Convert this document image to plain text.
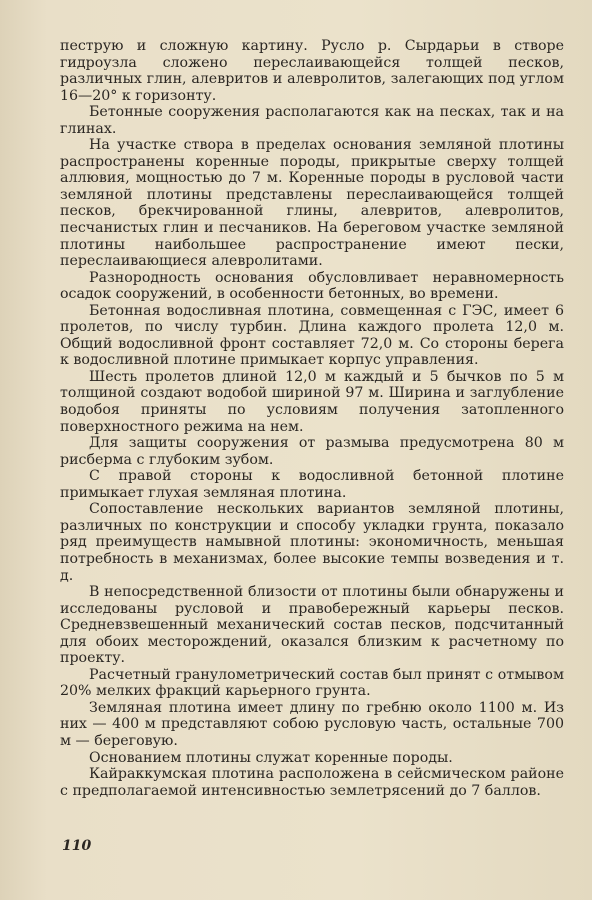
пеструю и сложную картину. Русло р. Сырдарьи в створе гидроузла сложено переслаивающейся толщей песков, различных глин, алевритов и алевролитов, залегающих под углом 16—20° к горизонту.

Бетонные сооружения располагаются как на песках, так и на глинах.

На участке створа в пределах основания земляной плотины распространены коренные породы, прикрытые сверху толщей аллювия, мощностью до 7 м. Коренные породы в русловой части земляной плотины представлены переслаивающейся толщей песков, брекчированной глины, алевритов, алевролитов, песчанистых глин и песчаников. На береговом участке земляной плотины наибольшее распространение имеют пески, переслаивающиеся алевролитами.

Разнородность основания обусловливает неравномерность осадок сооружений, в особенности бетонных, во времени.

Бетонная водосливная плотина, совмещенная с ГЭС, имеет 6 пролетов, по числу турбин. Длина каждого пролета 12,0 м. Общий водосливной фронт составляет 72,0 м. Со стороны берега к водосливной плотине примыкает корпус управления.

Шесть пролетов длиной 12,0 м каждый и 5 бычков по 5 м толщиной создают водобой шириной 97 м. Ширина и заглубление водобоя приняты по условиям получения затопленного поверхностного режима на нем.

Для защиты сооружения от размыва предусмотрена 80 м рисберма с глубоким зубом.

С правой стороны к водосливной бетонной плотине примыкает глухая земляная плотина.

Сопоставление нескольких вариантов земляной плотины, различных по конструкции и способу укладки грунта, показало ряд преимуществ намывной плотины: экономичность, меньшая потребность в механизмах, более высокие темпы возведения и т. д.

В непосредственной близости от плотины были обнаружены и исследованы русловой и правобережный карьеры песков. Средневзвешенный механический состав песков, подсчитанный для обоих месторождений, оказался близким к расчетному по проекту.

Расчетный гранулометрический состав был принят с отмывом 20% мелких фракций карьерного грунта.

Земляная плотина имеет длину по гребню около 1100 м. Из них — 400 м представляют собою русловую часть, остальные 700 м — береговую.

Основанием плотины служат коренные породы.

Кайраккумская плотина расположена в сейсмическом районе с предполагаемой интенсивностью землетрясений до 7 баллов.

110
